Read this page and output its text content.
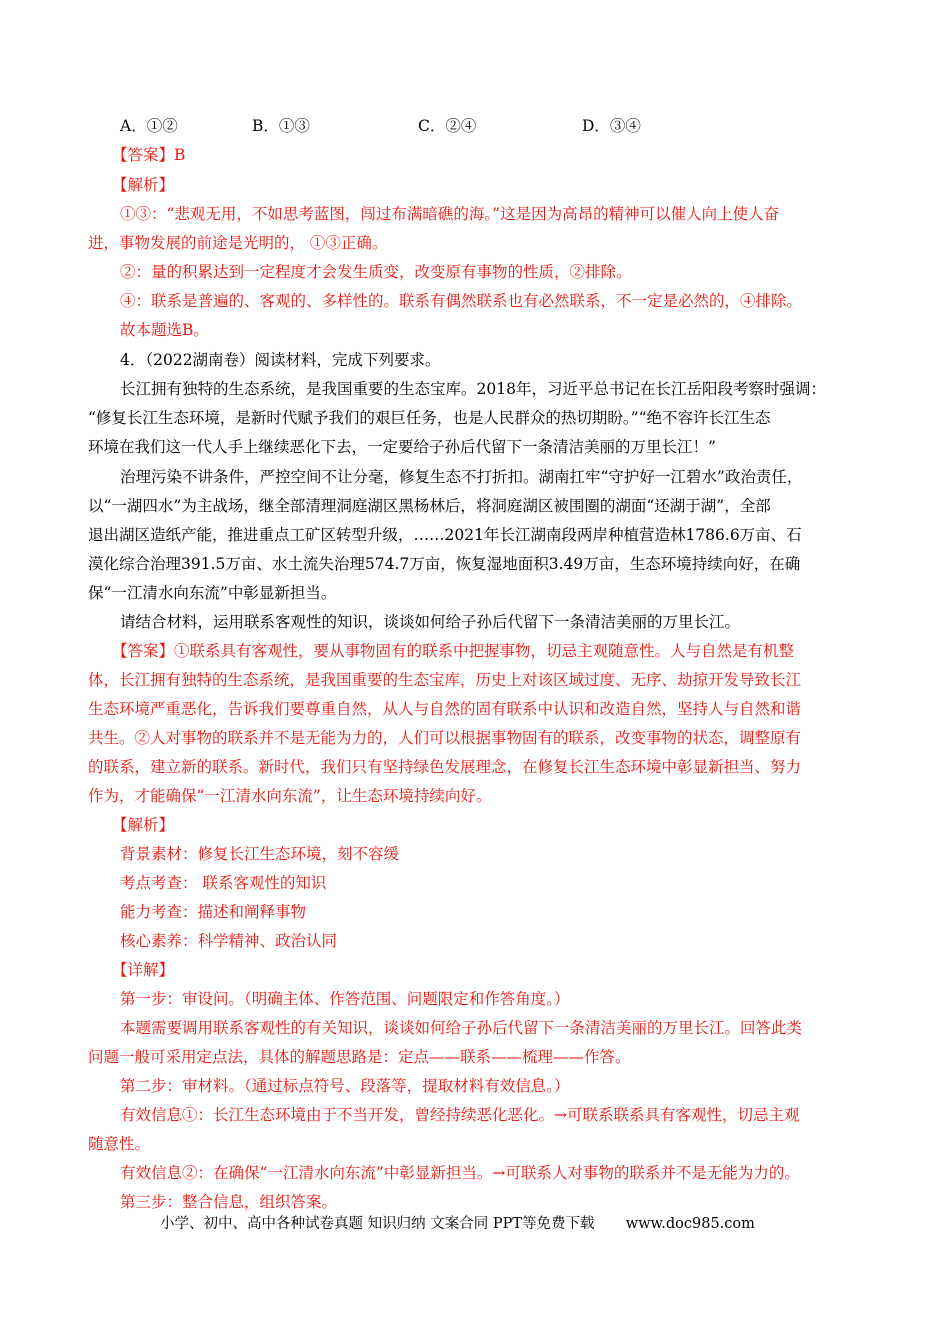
A．①②	B．①③	C．②④	D．③④

【答案】B

【解析】

①③：“悲观无用，不如思考蓝图，闯过布满暗礁的海。”这是因为高昂的精神可以催人向上使人奋

进，事物发展的前途是光明的， ①③正确。

②：量的积累达到一定程度才会发生质变，改变原有事物的性质，②排除。

④：联系是普遍的、客观的、多样性的。联系有偶然联系也有必然联系，不一定是必然的，④排除。

故本题选B。

4．（2022湖南卷）阅读材料，完成下列要求。

长江拥有独特的生态系统，是我国重要的生态宝库。2018年，习近平总书记在长江岳阳段考察时强调：

“修复长江生态环境，是新时代赋予我们的艰巨任务，也是人民群众的热切期盼。”“绝不容许长江生态

环境在我们这一代人手上继续恶化下去，一定要给子孙后代留下一条清洁美丽的万里长江！”

治理污染不讲条件，严控空间不让分毫，修复生态不打折扣。湖南扛牢“守护好一江碧水”政治责任，

以“一湖四水”为主战场，继全部清理洞庭湖区黑杨林后，将洞庭湖区被围圈的湖面“还湖于湖”，全部

退出湖区造纸产能，推进重点工矿区转型升级，……2021年长江湖南段两岸种植营造林1786.6万亩、石

漠化综合治理391.5万亩、水土流失治理574.7万亩，恢复湿地面积3.49万亩，生态环境持续向好，在确

保“一江清水向东流”中彰显新担当。

请结合材料，运用联系客观性的知识，谈谈如何给子孙后代留下一条清洁美丽的万里长江。

【答案】①联系具有客观性，要从事物固有的联系中把握事物，切忌主观随意性。人与自然是有机整

体，长江拥有独特的生态系统，是我国重要的生态宝库，历史上对该区域过度、无序、劫掠开发导致长江

生态环境严重恶化，告诉我们要尊重自然，从人与自然的固有联系中认识和改造自然，坚持人与自然和谐

共生。②人对事物的联系并不是无能为力的，人们可以根据事物固有的联系，改变事物的状态，调整原有

的联系，建立新的联系。新时代，我们只有坚持绿色发展理念，在修复长江生态环境中彰显新担当、努力

作为，才能确保“一江清水向东流”，让生态环境持续向好。

【解析】

背景素材：修复长江生态环境，刻不容缓

考点考查： 联系客观性的知识

能力考查：描述和阐释事物

核心素养：科学精神、政治认同

【详解】

第一步：审设问。（明确主体、作答范围、问题限定和作答角度。）

本题需要调用联系客观性的有关知识，谈谈如何给子孙后代留下一条清洁美丽的万里长江。回答此类

问题一般可采用定点法，具体的解题思路是：定点——联系——梳理——作答。

第二步：审材料。（通过标点符号、段落等，提取材料有效信息。）

有效信息①：长江生态环境由于不当开发，曾经持续恶化恶化。→可联系联系具有客观性，切忌主观

随意性。

有效信息②：在确保“一江清水向东流”中彰显新担当。→可联系人对事物的联系并不是无能为力的。

第三步：整合信息，组织答案。

小学、初中、高中各种试卷真题 知识归纳 文案合同 PPT等免费下载 www.doc985.com
